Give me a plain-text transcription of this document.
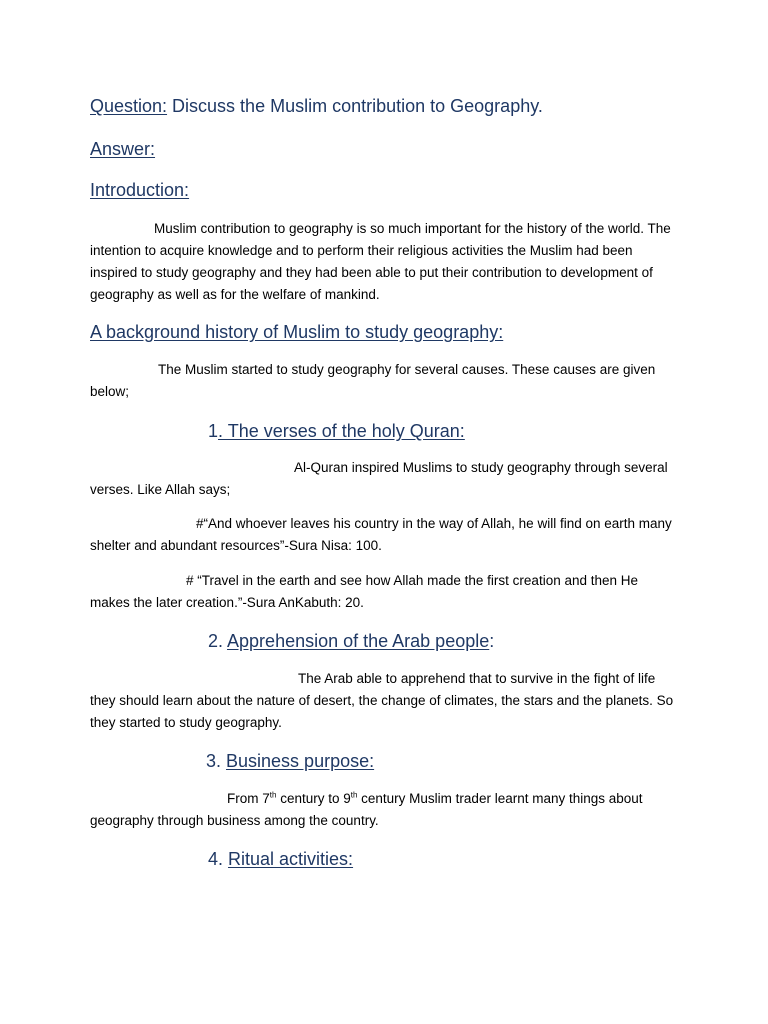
Question: Discuss the Muslim contribution to Geography.
Answer:
Introduction:

Muslim contribution to geography is so much important for the history of the world. The intention to acquire knowledge and to perform their religious activities the Muslim had been inspired to study geography and they had been able to put their contribution to development of geography as well as for the welfare of mankind.

A background history of Muslim to study geography:

The Muslim started to study geography for several causes. These causes are given below;

1. The verses of the holy Quran:

Al-Quran inspired Muslims to study geography through several verses. Like Allah says;

#“And whoever leaves his country in the way of Allah, he will find on earth many shelter and abundant resources”-Sura Nisa: 100.

# “Travel in the earth and see how Allah made the first creation and then He makes the later creation.”-Sura AnKabuth: 20.

2. Apprehension of the Arab people:

The Arab able to apprehend that to survive in the fight of life they should learn about the nature of desert, the change of climates, the stars and the planets. So they started to study geography.

3. Business purpose:

From 7th century to 9th century Muslim trader learnt many things about geography through business among the country.

4. Ritual activities:
